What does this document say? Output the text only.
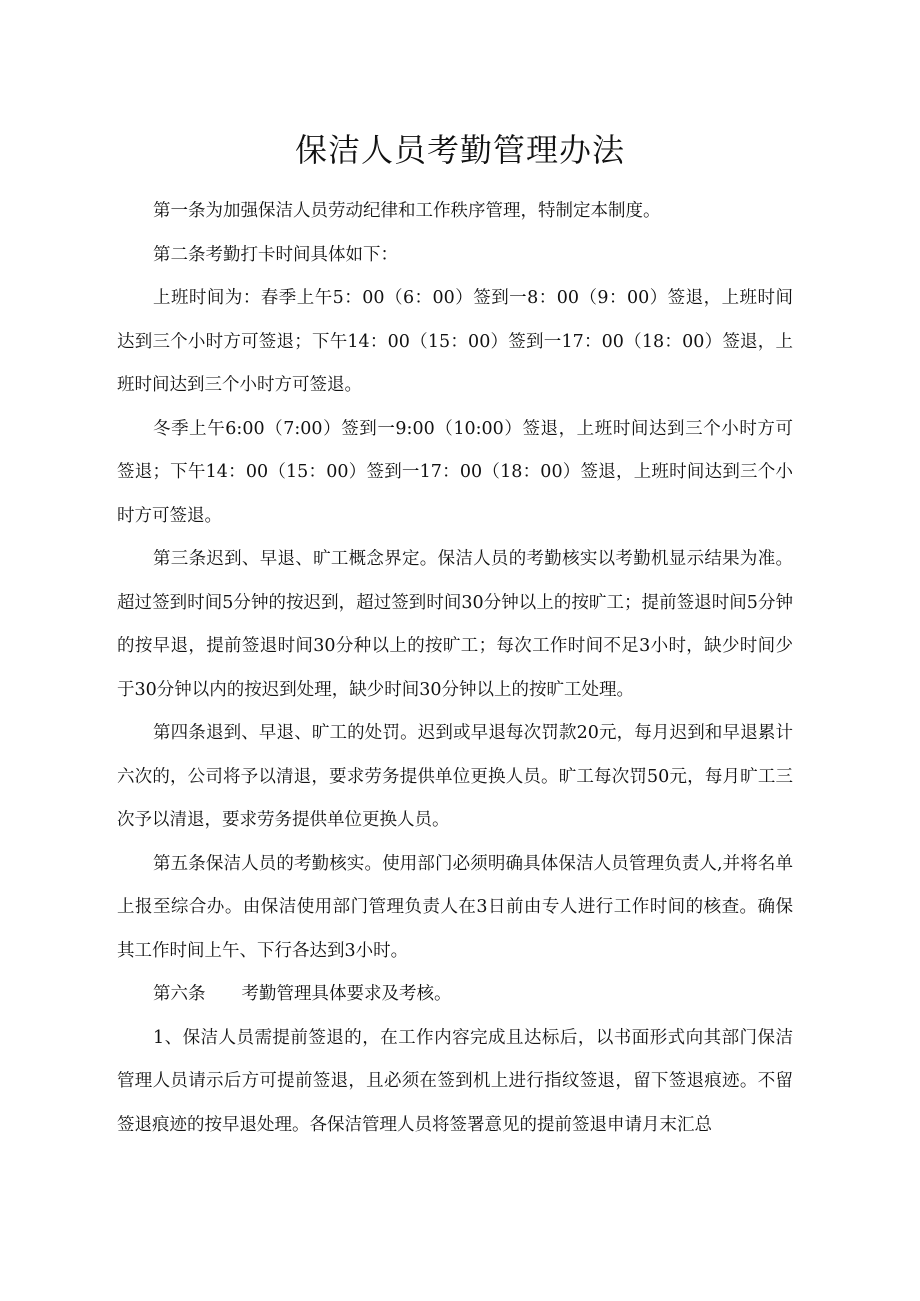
保洁人员考勤管理办法

第一条为加强保洁人员劳动纪律和工作秩序管理，特制定本制度。

第二条考勤打卡时间具体如下：

上班时间为：春季上午5：00（6：00）签到一8：00（9：00）签退，上班时间达到三个小时方可签退；下午14：00（15：00）签到一17：00（18：00）签退，上班时间达到三个小时方可签退。

冬季上午6:00（7:00）签到一9:00（10:00）签退，上班时间达到三个小时方可签退；下午14：00（15：00）签到一17：00（18：00）签退，上班时间达到三个小时方可签退。

第三条迟到、早退、旷工概念界定。保洁人员的考勤核实以考勤机显示结果为准。超过签到时间5分钟的按迟到，超过签到时间30分钟以上的按旷工；提前签退时间5分钟的按早退，提前签退时间30分种以上的按旷工；每次工作时间不足3小时，缺少时间少于30分钟以内的按迟到处理，缺少时间30分钟以上的按旷工处理。

第四条退到、早退、旷工的处罚。迟到或早退每次罚款20元，每月迟到和早退累计六次的，公司将予以清退，要求劳务提供单位更换人员。旷工每次罚50元，每月旷工三次予以清退，要求劳务提供单位更换人员。

第五条保洁人员的考勤核实。使用部门必须明确具体保洁人员管理负责人,并将名单上报至综合办。由保洁使用部门管理负责人在3日前由专人进行工作时间的核查。确保其工作时间上午、下行各达到3小时。

第六条 考勤管理具体要求及考核。

1、保洁人员需提前签退的，在工作内容完成且达标后，以书面形式向其部门保洁管理人员请示后方可提前签退，且必须在签到机上进行指纹签退，留下签退痕迹。不留签退痕迹的按早退处理。各保洁管理人员将签署意见的提前签退申请月末汇总
